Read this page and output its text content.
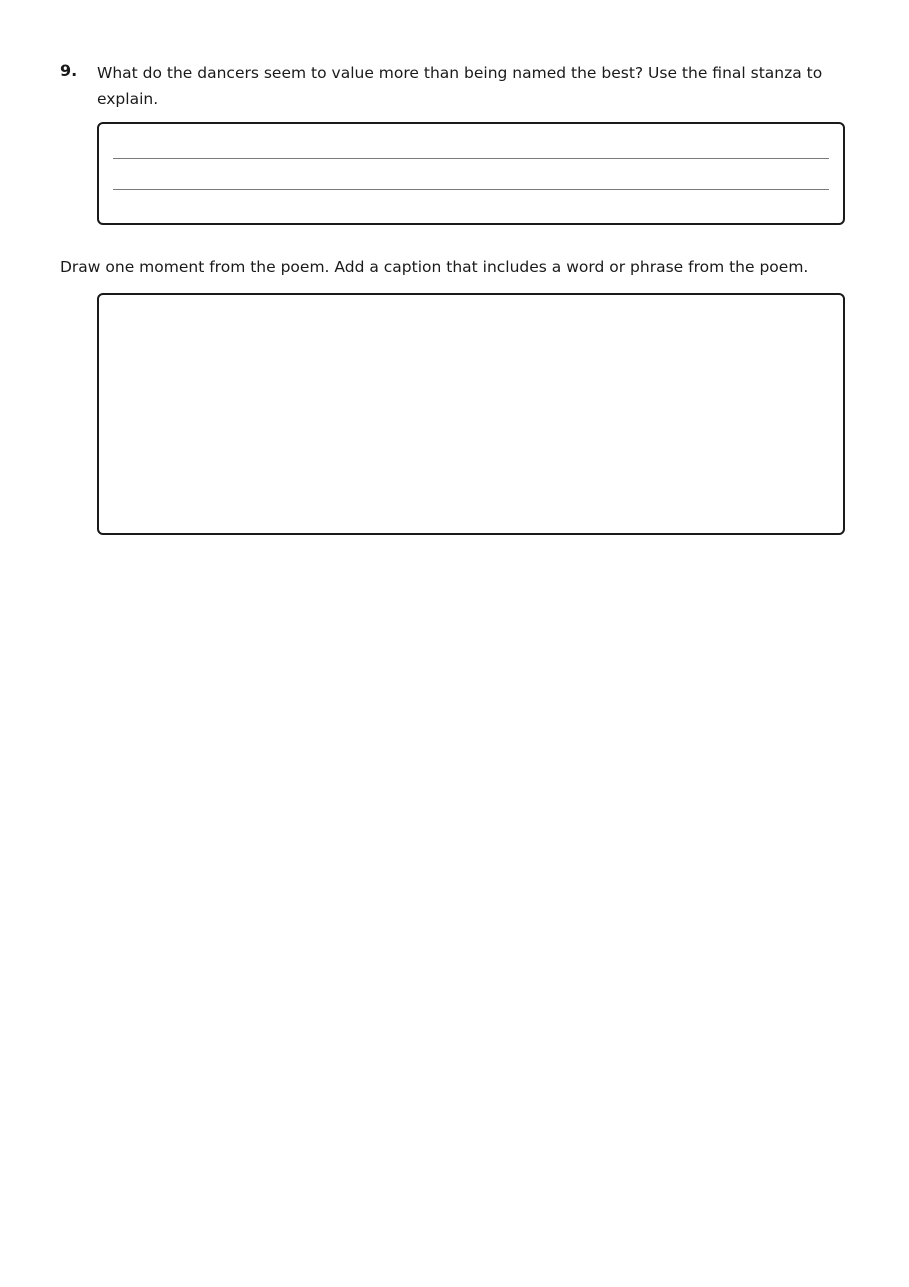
9. What do the dancers seem to value more than being named the best? Use the final stanza to explain.
Draw one moment from the poem. Add a caption that includes a word or phrase from the poem.
